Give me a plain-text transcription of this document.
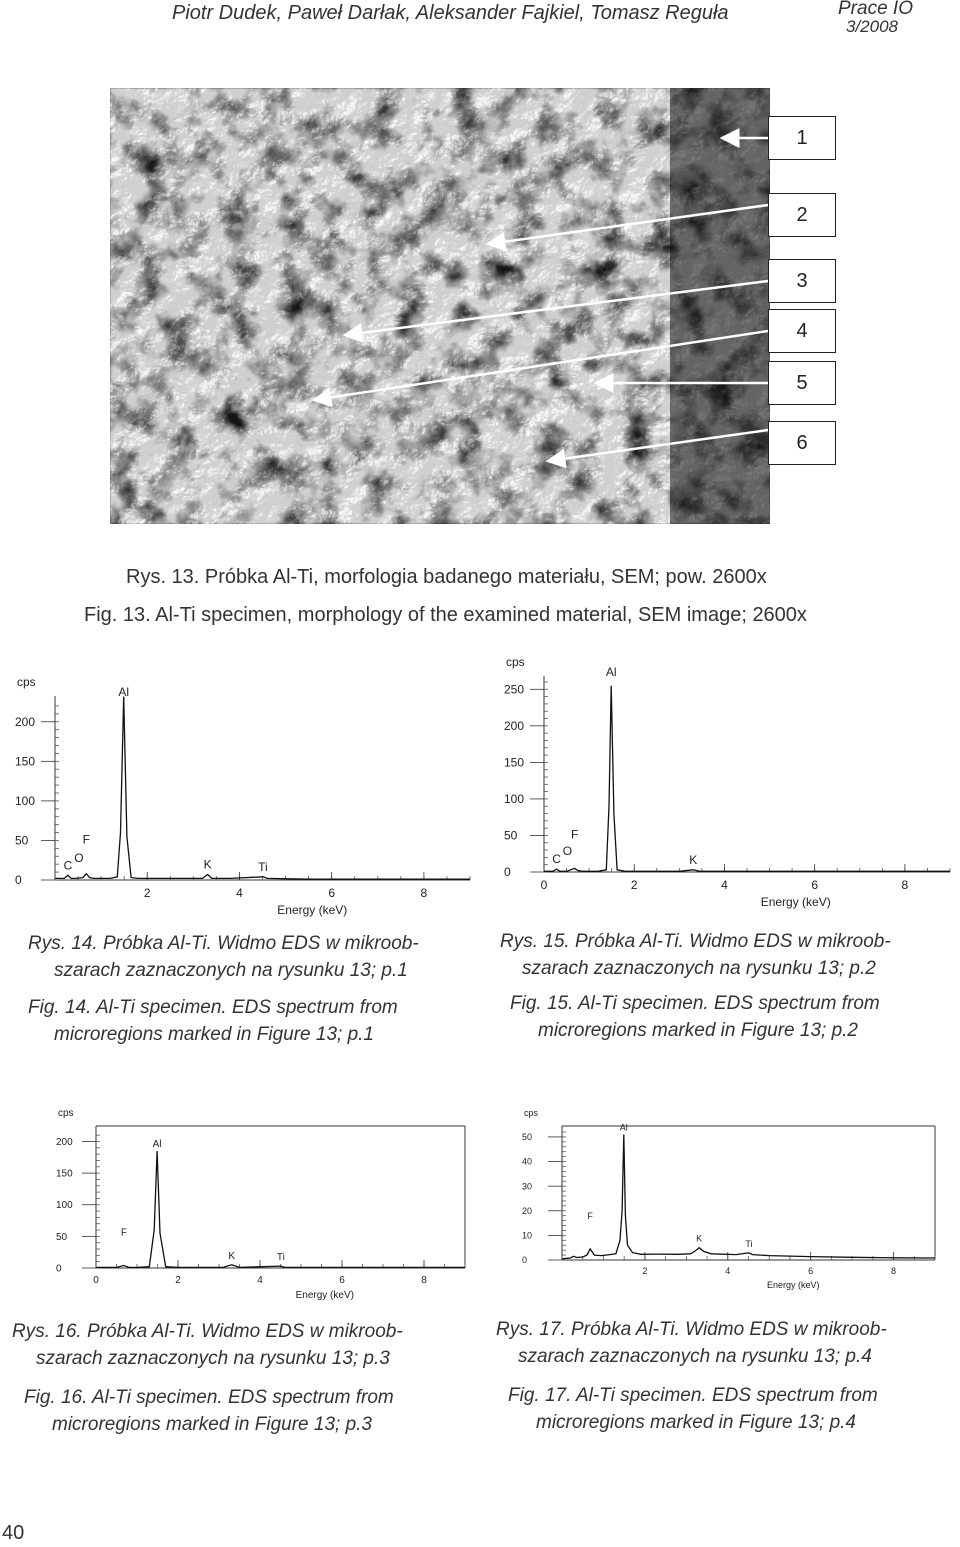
Piotr Dudek, Paweł Darłak, Aleksander Fajkiel, Tomasz Reguła	Prace IO
3/2008
1
2
3
4
5
6
Rys. 13. Próbka Al-Ti, morfologia badanego materiału, SEM; pow. 2600x
Fig. 13. Al-Ti specimen, morphology of the examined material, SEM image; 2600x
0
50
100
150
200
cps
2	4	6	8
Energy (keV)
C
O
F
Al
K	Ti	0
50
100
150
200
250
cps
0	2	4	6	8
Energy (keV)
C
O
F
Al
K
0
50
100
150
200
cps
0	2	4	6	8
Energy (keV)
F
Al
K	Ti	0
10
20
30
40
50
cps
2	4	6	8
Energy (keV)
F
Al
K
Ti
Rys. 14. Próbka Al-Ti. Widmo EDS w mikroob-
szarach zaznaczonych na rysunku 13; p.1
Fig. 14. Al-Ti specimen. EDS spectrum from
microregions marked in Figure 13; p.1
Rys. 15. Próbka Al-Ti. Widmo EDS w mikroob-
szarach zaznaczonych na rysunku 13; p.2
Fig. 15. Al-Ti specimen. EDS spectrum from
microregions marked in Figure 13; p.2
Rys. 16. Próbka Al-Ti. Widmo EDS w mikroob-
szarach zaznaczonych na rysunku 13; p.3
Fig. 16. Al-Ti specimen. EDS spectrum from
microregions marked in Figure 13; p.3
Rys. 17. Próbka Al-Ti. Widmo EDS w mikroob-
szarach zaznaczonych na rysunku 13; p.4
Fig. 17. Al-Ti specimen. EDS spectrum from
microregions marked in Figure 13; p.4
40
